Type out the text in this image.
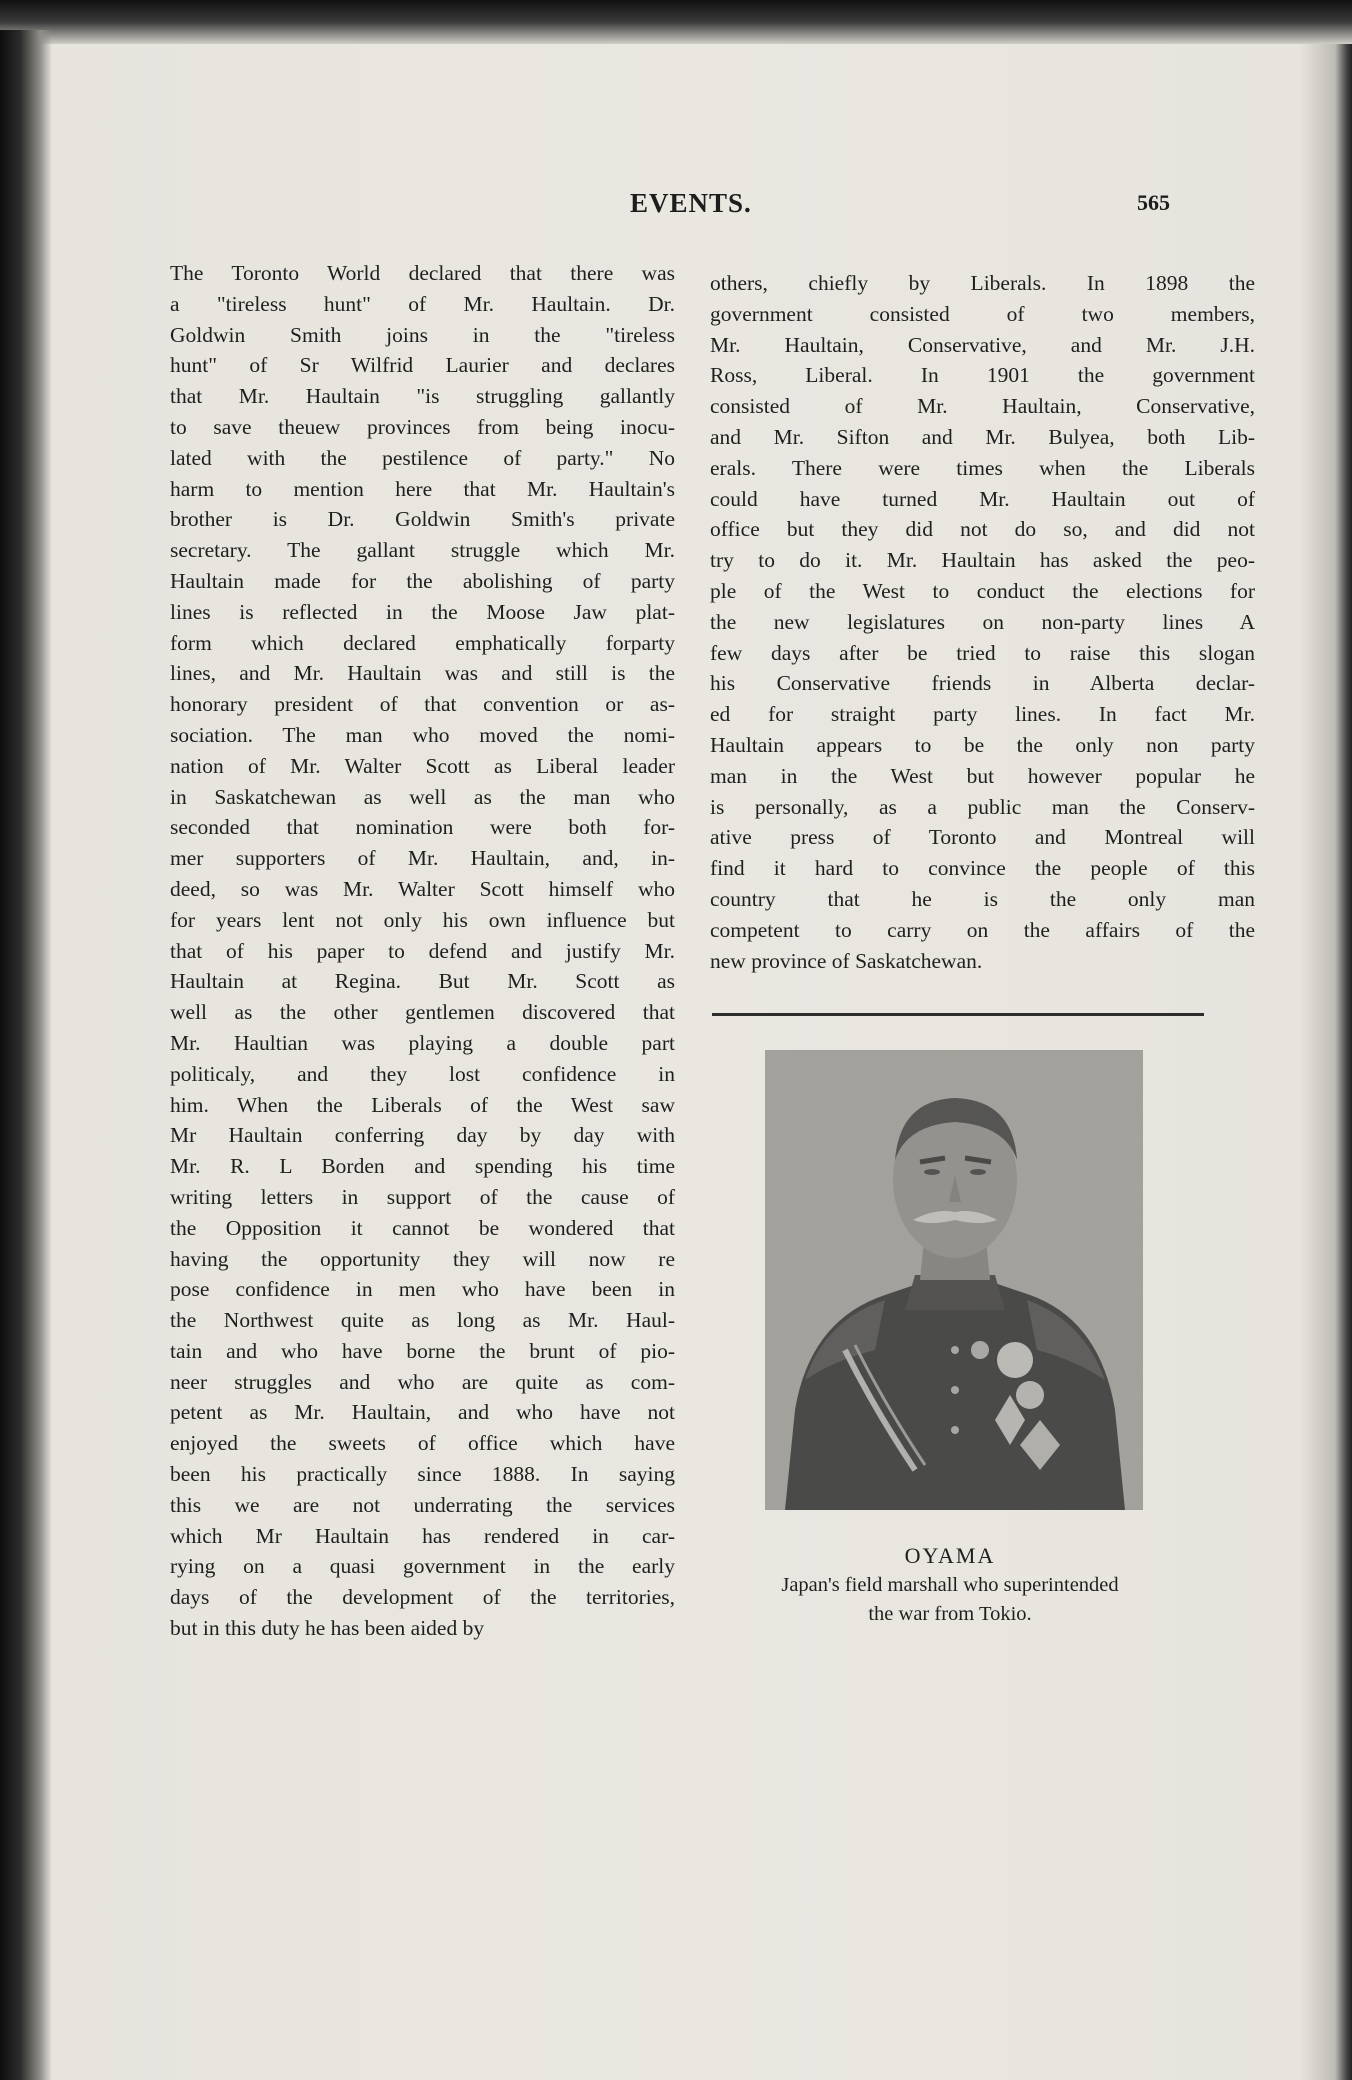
EVENTS.	565
The Toronto World declared that there was
a "tireless hunt" of Mr. Haultain. Dr.
Goldwin Smith joins in the "tireless
hunt" of Sr Wilfrid Laurier and declares
that Mr. Haultain "is struggling gallantly
to save theuew provinces from being inocu-
lated with the pestilence of party." No
harm to mention here that Mr. Haultain's
brother is Dr. Goldwin Smith's private
secretary. The gallant struggle which Mr.
Haultain made for the abolishing of party
lines is reflected in the Moose Jaw plat-
form which declared emphatically forparty
lines, and Mr. Haultain was and still is the
honorary president of that convention or as-
sociation. The man who moved the nomi-
nation of Mr. Walter Scott as Liberal leader
in Saskatchewan as well as the man who
seconded that nomination were both for-
mer supporters of Mr. Haultain, and, in-
deed, so was Mr. Walter Scott himself who
for years lent not only his own influence but
that of his paper to defend and justify Mr.
Haultain at Regina. But Mr. Scott as
well as the other gentlemen discovered that
Mr. Haultian was playing a double part
politicaly, and they lost confidence in
him. When the Liberals of the West saw
Mr Haultain conferring day by day with
Mr. R. L Borden and spending his time
writing letters in support of the cause of
the Opposition it cannot be wondered that
having the opportunity they will now re
pose confidence in men who have been in
the Northwest quite as long as Mr. Haul-
tain and who have borne the brunt of pio-
neer struggles and who are quite as com-
petent as Mr. Haultain, and who have not
enjoyed the sweets of office which have
been his practically since 1888. In saying
this we are not underrating the services
which Mr Haultain has rendered in car-
rying on a quasi government in the early
days of the development of the territories,
but in this duty he has been aided by
others, chiefly by Liberals. In 1898 the
government consisted of two members,
Mr. Haultain, Conservative, and Mr. J.H.
Ross, Liberal. In 1901 the government
consisted of Mr. Haultain, Conservative,
and Mr. Sifton and Mr. Bulyea, both Lib-
erals. There were times when the Liberals
could have turned Mr. Haultain out of
office but they did not do so, and did not
try to do it. Mr. Haultain has asked the peo-
ple of the West to conduct the elections for
the new legislatures on non-party lines A
few days after be tried to raise this slogan
his Conservative friends in Alberta declar-
ed for straight party lines. In fact Mr.
Haultain appears to be the only non party
man in the West but however popular he
is personally, as a public man the Conserv-
ative press of Toronto and Montreal will
find it hard to convince the people of this
country that he is the only man
competent to carry on the affairs of the
new province of Saskatchewan.
OYAMA
Japan's field marshall who superintended
the war from Tokio.
